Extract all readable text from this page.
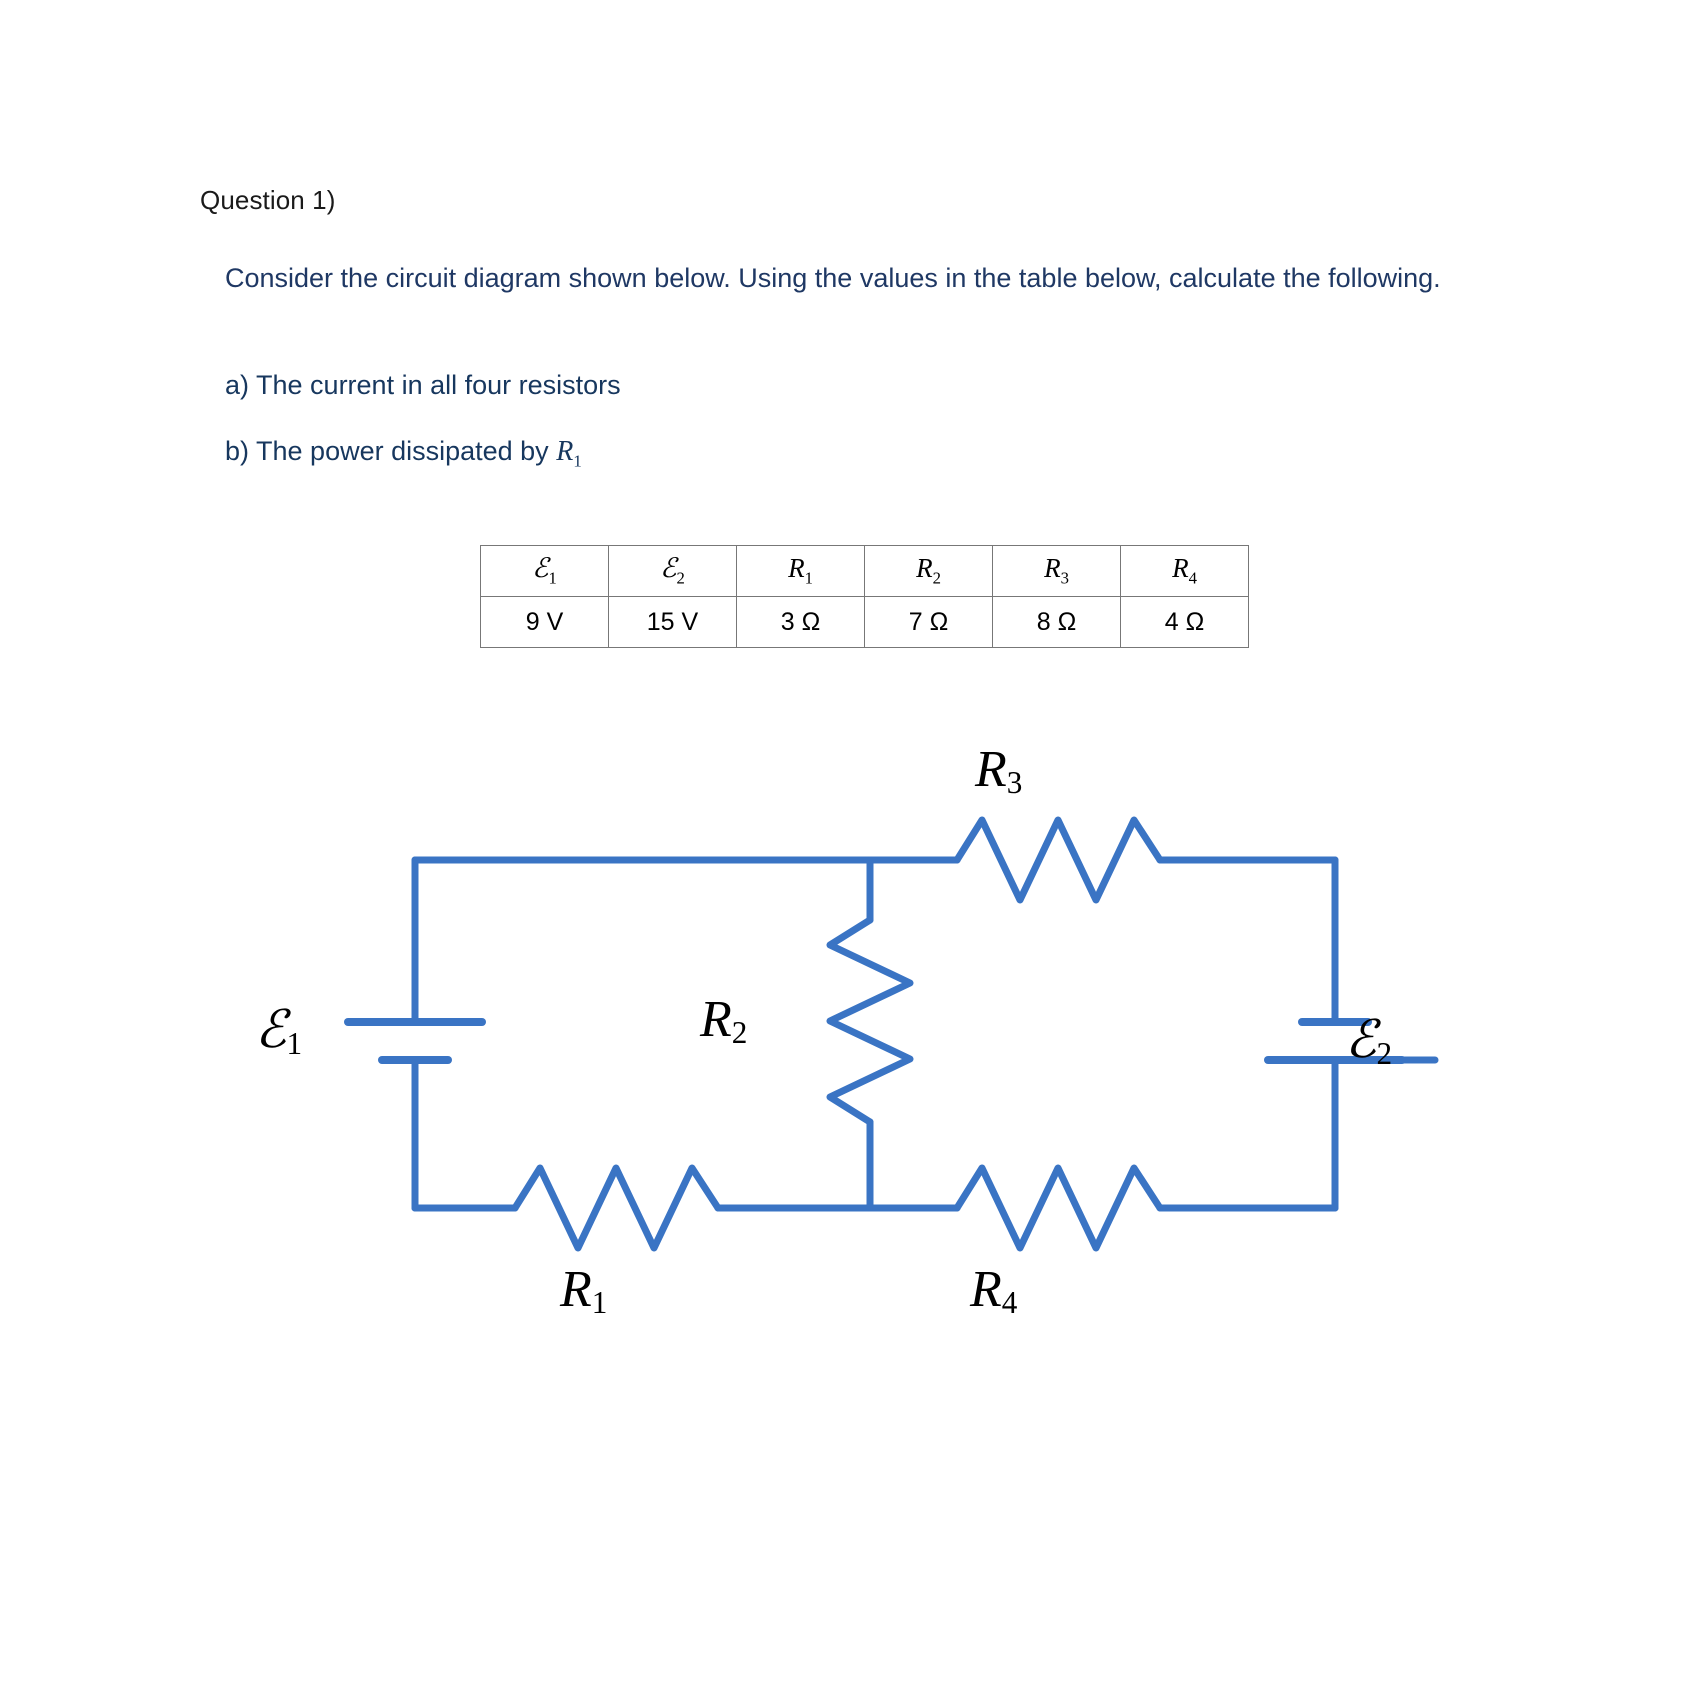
Question 1)
Consider the circuit diagram shown below. Using the values in the table below, calculate the following.
a) The current in all four resistors
b) The power dissipated by $R_1$
ℰ$_1$	ℰ$_2$	$R_1$	$R_2$	$R_3$	$R_4$
9 V	15 V	3 Ω	7 Ω	8 Ω	4 Ω
ℰ$_1$	ℰ$_2$
$R_1$
$R_2$
$R_3$
$R_4$
